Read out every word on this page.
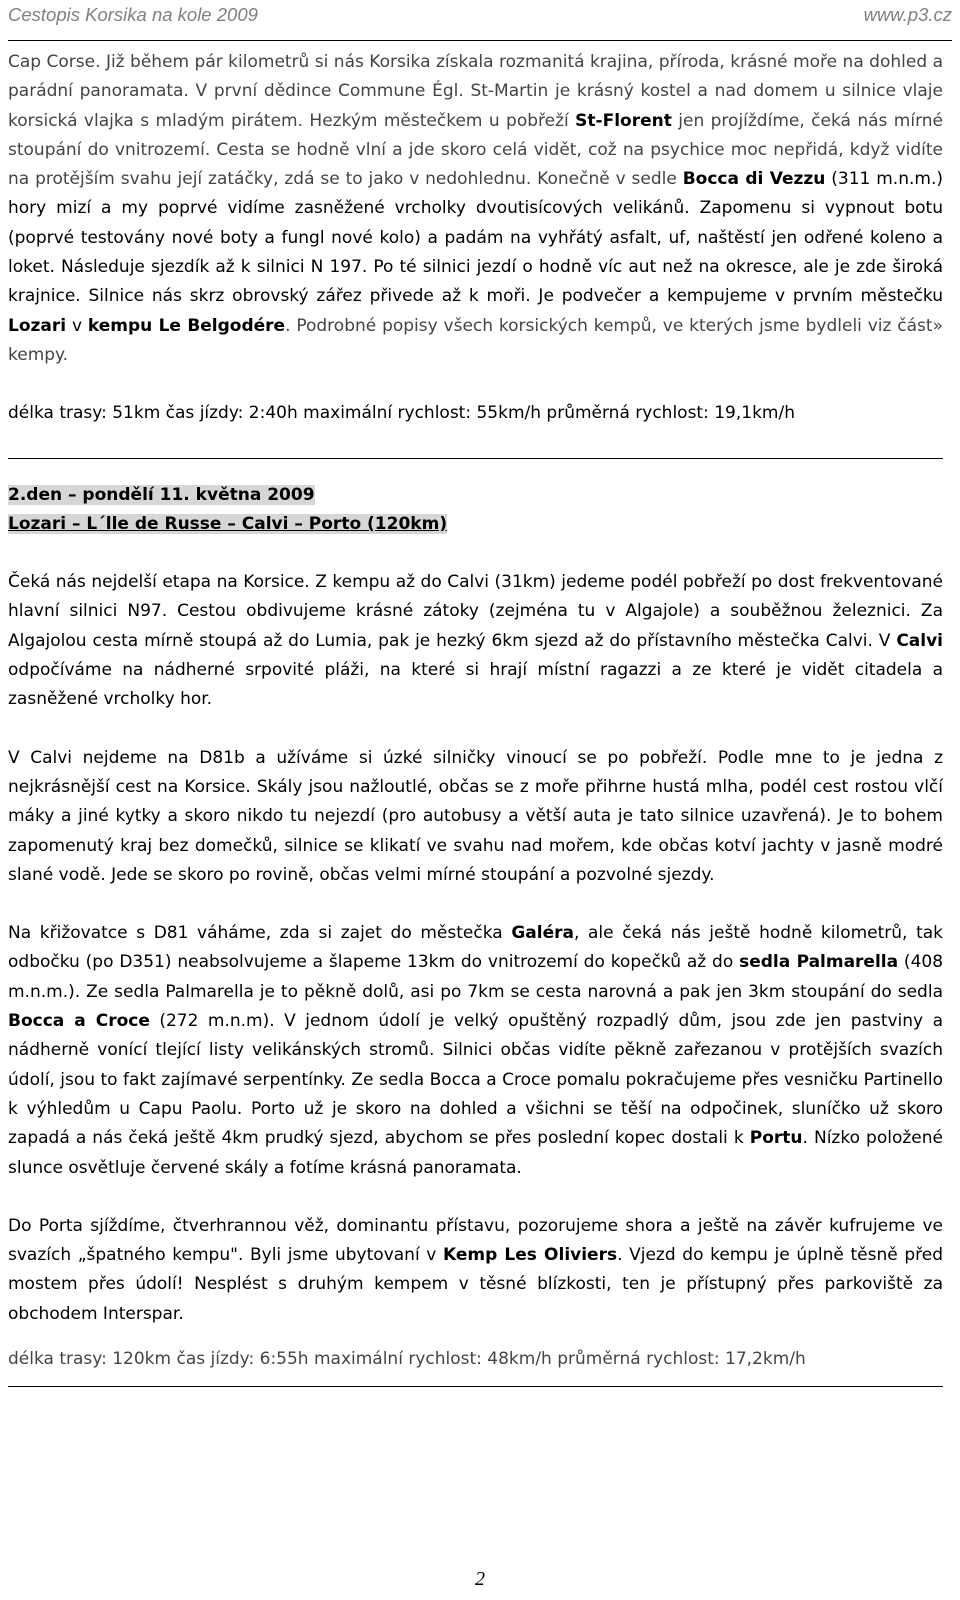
Cestopis Korsika na kole 2009	www.p3.cz

Cap Corse. Již během pár kilometrů si nás Korsika získala rozmanitá krajina, příroda, krásné moře na dohled a parádní panoramata. V první dědince Commune Égl. St-Martin je krásný kostel a nad domem u silnice vlaje korsická vlajka s mladým pirátem. Hezkým městečkem u pobřeží St-Florent jen projíždíme, čeká nás mírné stoupání do vnitrozemí. Cesta se hodně vlní a jde skoro celá vidět, což na psychice moc nepřidá, když vidíte na protějším svahu její zatáčky, zdá se to jako v nedohlednu. Konečně v sedle Bocca di Vezzu (311 m.n.m.) hory mizí a my poprvé vidíme zasněžené vrcholky dvoutisícových velikánů. Zapomenu si vypnout botu (poprvé testovány nové boty a fungl nové kolo) a padám na vyhřátý asfalt, uf, naštěstí jen odřené koleno a loket. Následuje sjezdík až k silnici N 197. Po té silnici jezdí o hodně víc aut než na okresce, ale je zde široká krajnice. Silnice nás skrz obrovský zářez přivede až k moři. Je podvečer a kempujeme v prvním městečku Lozari v kempu Le Belgodére. Podrobné popisy všech korsických kempů, ve kterých jsme bydleli viz část» kempy.

délka trasy: 51km čas jízdy: 2:40h maximální rychlost: 55km/h průměrná rychlost: 19,1km/h

2.den – pondělí 11. května 2009

Lozari – L´lle de Russe – Calvi – Porto (120km)

Čeká nás nejdelší etapa na Korsice. Z kempu až do Calvi (31km) jedeme podél pobřeží po dost frekventované hlavní silnici N97. Cestou obdivujeme krásné zátoky (zejména tu v Algajole) a souběžnou železnici. Za Algajolou cesta mírně stoupá až do Lumia, pak je hezký 6km sjezd až do přístavního městečka Calvi. V Calvi odpočíváme na nádherné srpovité pláži, na které si hrají místní ragazzi a ze které je vidět citadela a zasněžené vrcholky hor.

V Calvi nejdeme na D81b a užíváme si úzké silničky vinoucí se po pobřeží. Podle mne to je jedna z nejkrásnější cest na Korsice. Skály jsou nažloutlé, občas se z moře přihrne hustá mlha, podél cest rostou vlčí máky a jiné kytky a skoro nikdo tu nejezdí (pro autobusy a větší auta je tato silnice uzavřená). Je to bohem zapomenutý kraj bez domečků, silnice se klikatí ve svahu nad mořem, kde občas kotví jachty v jasně modré slané vodě. Jede se skoro po rovině, občas velmi mírné stoupání a pozvolné sjezdy.

Na křižovatce s D81 váháme, zda si zajet do městečka Galéra, ale čeká nás ještě hodně kilometrů, tak odbočku (po D351) neabsolvujeme a šlapeme 13km do vnitrozemí do kopečků až do sedla Palmarella (408 m.n.m.). Ze sedla Palmarella je to pěkně dolů, asi po 7km se cesta narovná a pak jen 3km stoupání do sedla Bocca a Croce (272 m.n.m). V jednom údolí je velký opuštěný rozpadlý dům, jsou zde jen pastviny a nádherně vonící tlející listy velikánských stromů. Silnici občas vidíte pěkně zařezanou v protějších svazích údolí, jsou to fakt zajímavé serpentínky. Ze sedla Bocca a Croce pomalu pokračujeme přes vesničku Partinello k výhledům u Capu Paolu. Porto už je skoro na dohled a všichni se těší na odpočinek, sluníčko už skoro zapadá a nás čeká ještě 4km prudký sjezd, abychom se přes poslední kopec dostali k Portu. Nízko položené slunce osvětluje červené skály a fotíme krásná panoramata.

Do Porta sjíždíme, čtverhrannou věž, dominantu přístavu, pozorujeme shora a ještě na závěr kufrujeme ve svazích „špatného kempu". Byli jsme ubytovaní v Kemp Les Oliviers. Vjezd do kempu je úplně těsně před mostem přes údolí! Nesplést s druhým kempem v těsné blízkosti, ten je přístupný přes parkoviště za obchodem Interspar.

délka trasy: 120km čas jízdy: 6:55h maximální rychlost: 48km/h průměrná rychlost: 17,2km/h

2
